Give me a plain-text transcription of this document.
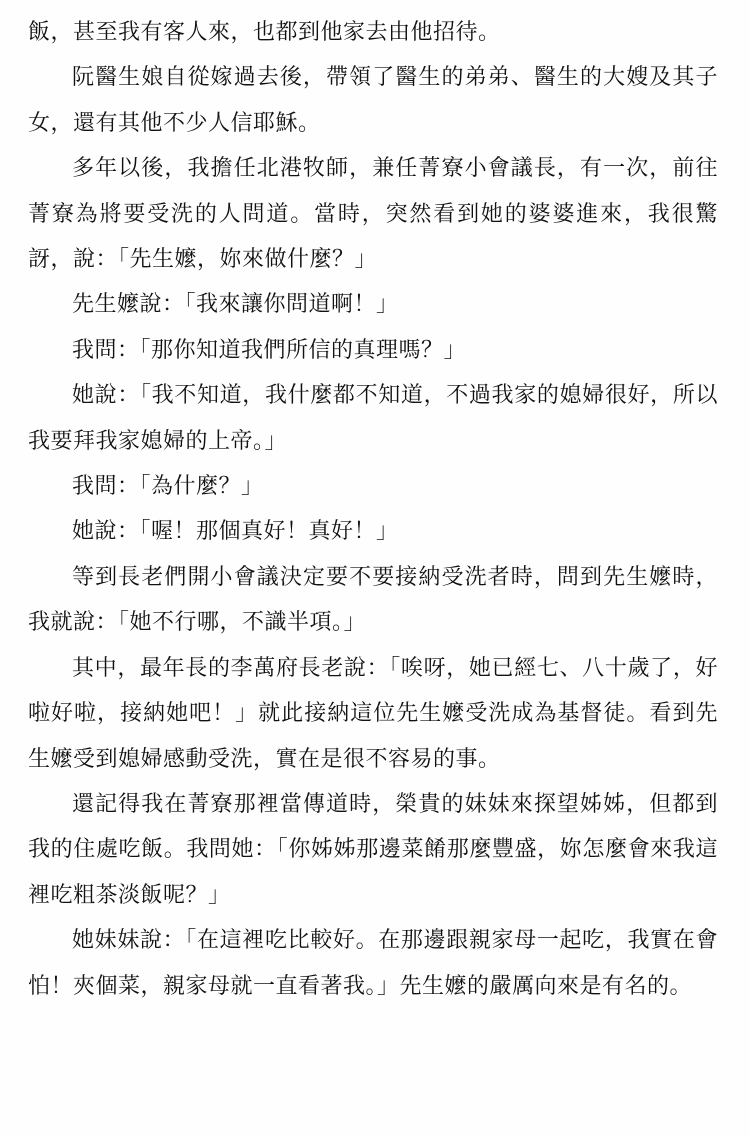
飯，甚至我有客人來，也都到他家去由他招待。

阮醫生娘自從嫁過去後，帶領了醫生的弟弟、醫生的大嫂及其子女，還有其他不少人信耶穌。

多年以後，我擔任北港牧師，兼任菁寮小會議長，有一次，前往菁寮為將要受洗的人問道。當時，突然看到她的婆婆進來，我很驚訝，說：「先生嬤，妳來做什麼？」

先生嬤說：「我來讓你問道啊！」

我問：「那你知道我們所信的真理嗎？」

她說：「我不知道，我什麼都不知道，不過我家的媳婦很好，所以我要拜我家媳婦的上帝。」

我問：「為什麼？」

她說：「喔！那個真好！真好！」

等到長老們開小會議決定要不要接納受洗者時，問到先生嬤時，我就說：「她不行哪，不識半項。」

其中，最年長的李萬府長老說：「唉呀，她已經七、八十歲了，好啦好啦，接納她吧！」就此接納這位先生嬤受洗成為基督徒。看到先生嬤受到媳婦感動受洗，實在是很不容易的事。

還記得我在菁寮那裡當傳道時，榮貴的妹妹來探望姊姊，但都到我的住處吃飯。我問她：「你姊姊那邊菜餚那麼豐盛，妳怎麼會來我這裡吃粗茶淡飯呢？」

她妹妹說：「在這裡吃比較好。在那邊跟親家母一起吃，我實在會怕！夾個菜，親家母就一直看著我。」先生嬤的嚴厲向來是有名的。
